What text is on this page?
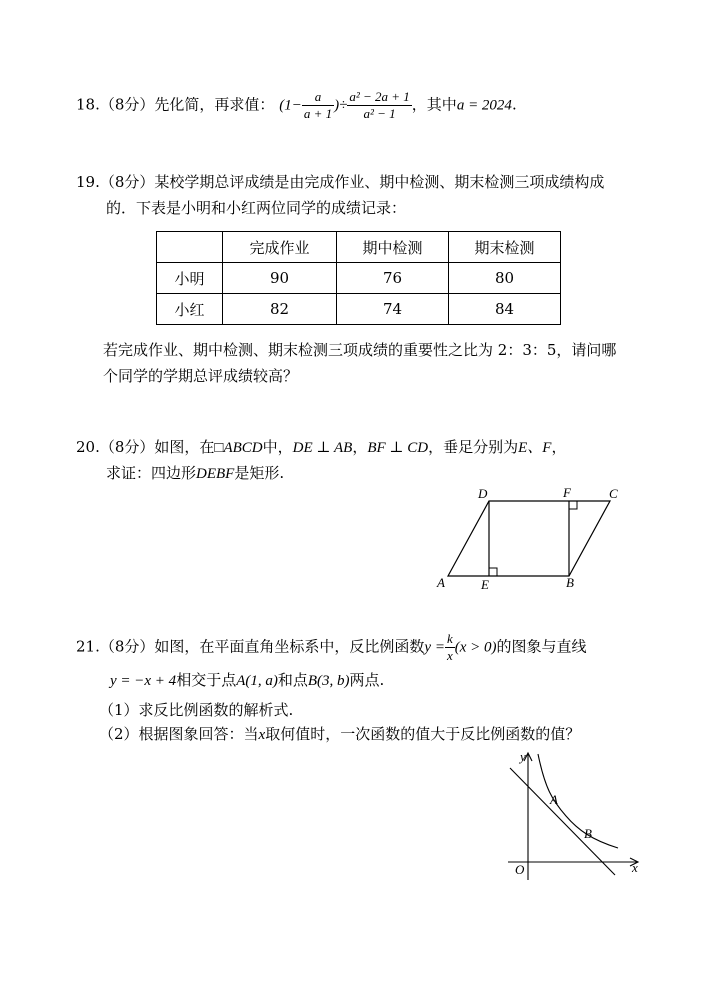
18.（8分）先化简，再求值： ($1- \frac{a}{a + 1}$ )÷ $\frac{\text{a² − 2a + 1}}{\text{a² − 1}}$ ，其中a = 2024.
19.（8分）某校学期总评成绩是由完成作业、期中检测、期末检测三项成绩构成
的．下表是小明和小红两位同学的成绩记录：
	完成作业	期中检测	期末检测
小明	90	76	80
小红	82	74	84
若完成作业、期中检测、期末检测三项成绩的重要性之比为 2：3：5，请问哪
个同学的学期总评成绩较高？
20.（8分）如图，在□ABCD中，DE ⊥ AB，BF ⊥ CD，垂足分别为E、F，
求证：四边形DEBF是矩形.
A	E	B
D	F	C
21.（8分）如图，在平面直角坐标系中，反比例函数$y = \frac{k}{x} (x > 0)$的图象与直线
y = −x + 4相交于点A(1, a)和点B(3, b)两点.
（1）求反比例函数的解析式.
（2）根据图象回答：当x取何值时，一次函数的值大于反比例函数的值？
y
x
O
A
B
